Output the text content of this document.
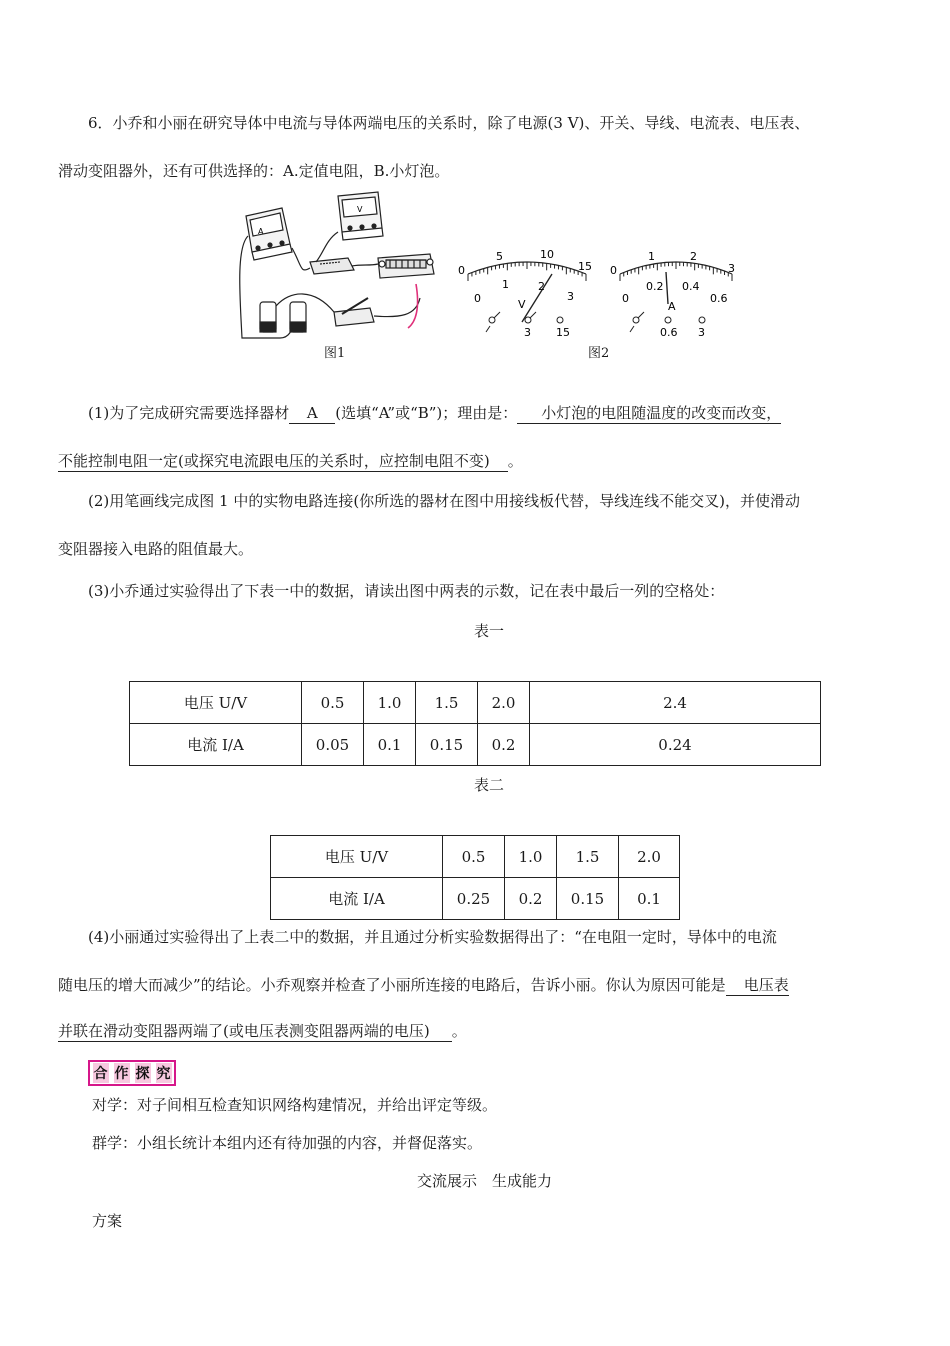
6．小乔和小丽在研究导体中电流与导体两端电压的关系时，除了电源(3 V)、开关、导线、电流表、电压表、
滑动变阻器外，还有可供选择的：A.定值电阻，B.小灯泡。
A
V
图1
0
5	10
15
0
1	2
3
V
3 15
0
1	2
3
0
0.2 0.4
0.6
A
0.6 3
图2
(1)为了完成研究需要选择器材 A (选填“A”或“B”)；理由是： 小灯泡的电阻随温度的改变而改变，
不能控制电阻一定(或探究电流跟电压的关系时，应控制电阻不变) 。
(2)用笔画线完成图 1 中的实物电路连接(你所选的器材在图中用接线板代替，导线连线不能交叉)，并使滑动
变阻器接入电路的阻值最大。
(3)小乔通过实验得出了下表一中的数据，请读出图中两表的示数，记在表中最后一列的空格处：
表一
电压 U/V	0.5	1.0	1.5	2.0	2.4
电流 I/A	0.05	0.1	0.15	0.2	0.24
表二
电压 U/V	0.5	1.0	1.5	2.0
电流 I/A	0.25	0.2	0.15	0.1
(4)小丽通过实验得出了上表二中的数据，并且通过分析实验数据得出了：“在电阻一定时，导体中的电流
随电压的增大而减少”的结论。小乔观察并检查了小丽所连接的电路后，告诉小丽。你认为原因可能是 电压表
并联在滑动变阻器两端了(或电压表测变阻器两端的电压) 。
合 作 探 究
对学：对子间相互检查知识网络构建情况，并给出评定等级。
群学：小组长统计本组内还有待加强的内容，并督促落实。
交流展示　生成能力
方案
